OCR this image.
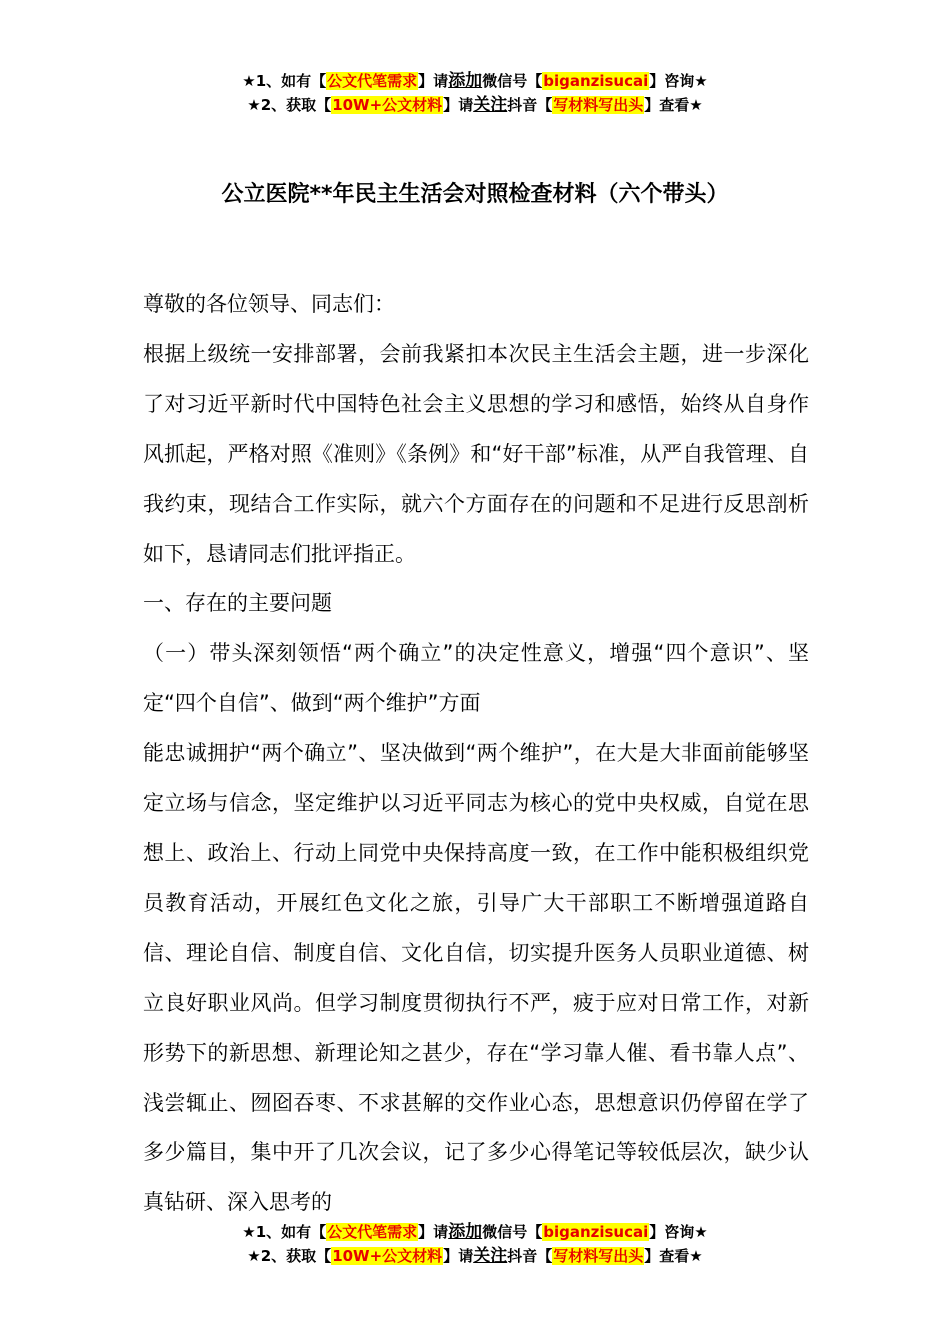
★1、如有【公文代笔需求】请添加微信号【biganzisucai】咨询★
★2、获取【10W+公文材料】请关注抖音【写材料写出头】查看★
公立医院**年民主生活会对照检查材料（六个带头）

尊敬的各位领导、同志们：

根据上级统一安排部署，会前我紧扣本次民主生活会主题，进一步深化了对习近平新时代中国特色社会主义思想的学习和感悟，始终从自身作风抓起，严格对照《准则》《条例》和“好干部”标准，从严自我管理、自我约束，现结合工作实际，就六个方面存在的问题和不足进行反思剖析如下，恳请同志们批评指正。

一、存在的主要问题

（一）带头深刻领悟“两个确立”的决定性意义，增强“四个意识”、坚定“四个自信”、做到“两个维护”方面

能忠诚拥护“两个确立”、坚决做到“两个维护”，在大是大非面前能够坚定立场与信念，坚定维护以习近平同志为核心的党中央权威，自觉在思想上、政治上、行动上同党中央保持高度一致，在工作中能积极组织党员教育活动，开展红色文化之旅，引导广大干部职工不断增强道路自信、理论自信、制度自信、文化自信，切实提升医务人员职业道德、树立良好职业风尚。但学习制度贯彻执行不严，疲于应对日常工作，对新形势下的新思想、新理论知之甚少，存在“学习靠人催、看书靠人点”、浅尝辄止、囫囵吞枣、不求甚解的交作业心态，思想意识仍停留在学了多少篇目，集中开了几次会议，记了多少心得笔记等较低层次，缺少认真钻研、深入思考的

★1、如有【公文代笔需求】请添加微信号【biganzisucai】咨询★
★2、获取【10W+公文材料】请关注抖音【写材料写出头】查看★
